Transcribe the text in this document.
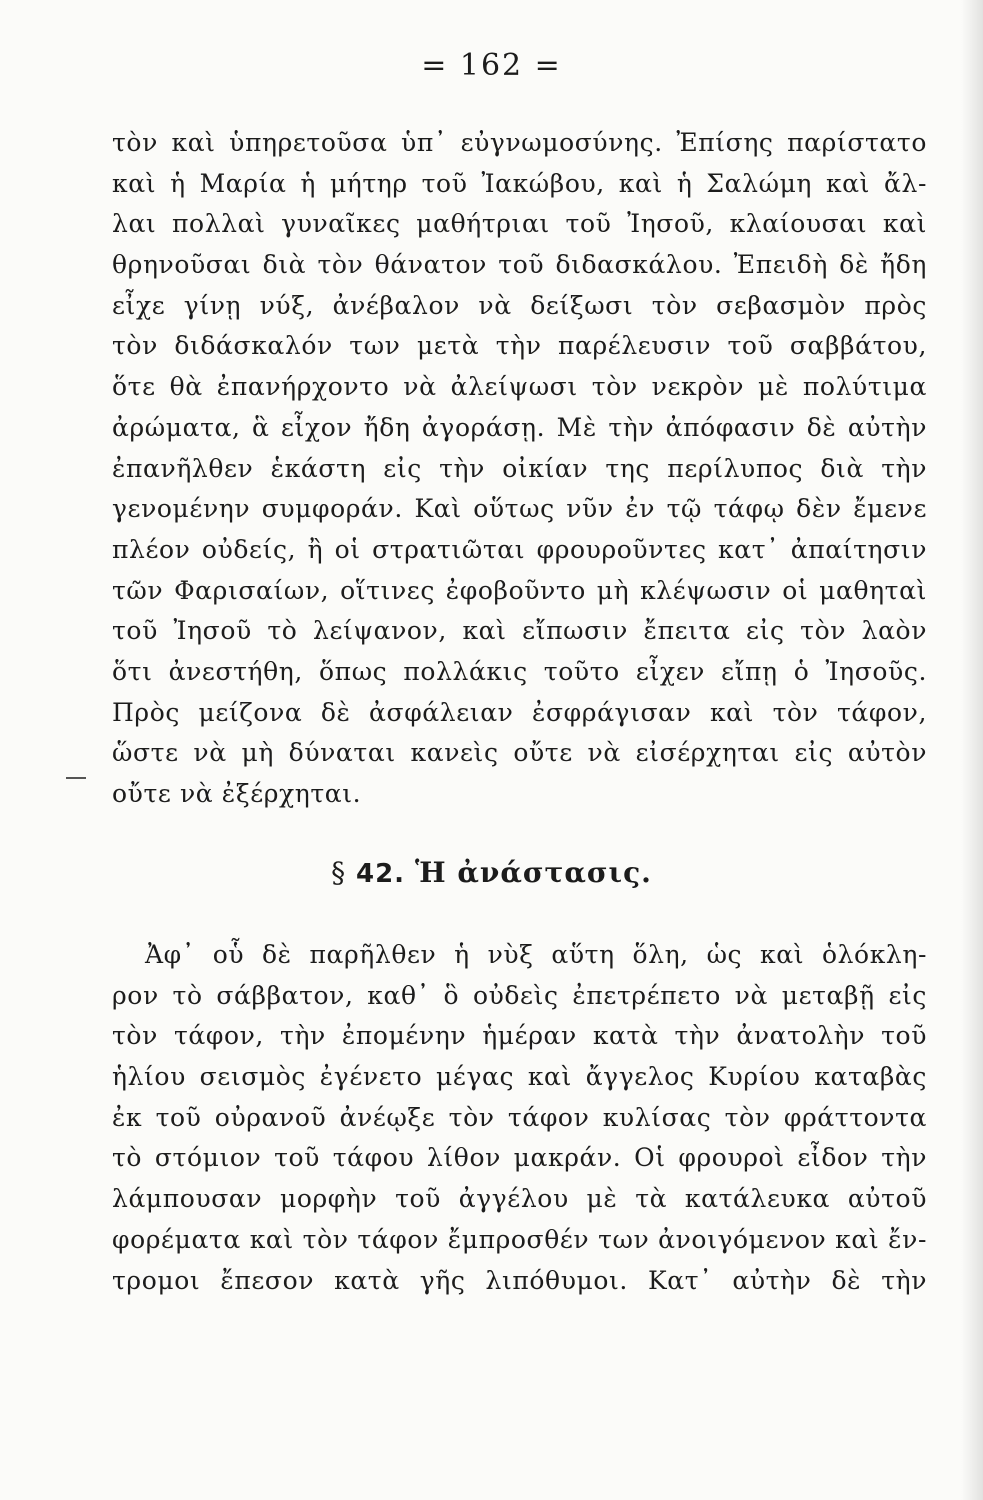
= 162 =
τὸν καὶ ὑπηρετοῦσα ὑπ᾽ εὐγνωμοσύνης. Ἐπίσης παρίστατο
καὶ ἡ Μαρία ἡ μήτηρ τοῦ Ἰακώβου, καὶ ἡ Σαλώμη καὶ ἄλ-
λαι πολλαὶ γυναῖκες μαθήτριαι τοῦ Ἰησοῦ, κλαίουσαι καὶ
θρηνοῦσαι διὰ τὸν θάνατον τοῦ διδασκάλου. Ἐπειδὴ δὲ ἤδη
εἶχε γίνῃ νύξ, ἀνέβαλον νὰ δείξωσι τὸν σεβασμὸν πρὸς
τὸν διδάσκαλόν των μετὰ τὴν παρέλευσιν τοῦ σαββάτου,
ὅτε θὰ ἐπανήρχοντο νὰ ἀλείψωσι τὸν νεκρὸν μὲ πολύτιμα
ἀρώματα, ἃ εἶχον ἤδη ἀγοράσῃ. Μὲ τὴν ἀπόφασιν δὲ αὐτὴν
ἐπανῆλθεν ἑκάστη εἰς τὴν οἰκίαν της περίλυπος διὰ τὴν
γενομένην συμφοράν. Καὶ οὕτως νῦν ἐν τῷ τάφῳ δὲν ἔμενε
πλέον οὐδείς, ἢ οἱ στρατιῶται φρουροῦντες κατ᾽ ἀπαίτησιν
τῶν Φαρισαίων, οἵτινες ἐφοβοῦντο μὴ κλέψωσιν οἱ μαθηταὶ
τοῦ Ἰησοῦ τὸ λείψανον, καὶ εἴπωσιν ἔπειτα εἰς τὸν λαὸν
ὅτι ἀνεστήθη, ὅπως πολλάκις τοῦτο εἶχεν εἴπῃ ὁ Ἰησοῦς.
Πρὸς μείζονα δὲ ἀσφάλειαν ἐσφράγισαν καὶ τὸν τάφον,
ὥστε νὰ μὴ δύναται κανεὶς οὔτε νὰ εἰσέρχηται εἰς αὐτὸν
οὔτε νὰ ἐξέρχηται.
§ 42. Ἡ ἀνάστασις.
Ἀφ᾽ οὗ δὲ παρῆλθεν ἡ νὺξ αὕτη ὅλη, ὡς καὶ ὁλόκλη-
ρον τὸ σάββατον, καθ᾽ ὃ οὐδεὶς ἐπετρέπετο νὰ μεταβῇ εἰς
τὸν τάφον, τὴν ἐπομένην ἡμέραν κατὰ τὴν ἀνατολὴν τοῦ
ἡλίου σεισμὸς ἐγένετο μέγας καὶ ἄγγελος Κυρίου καταβὰς
ἐκ τοῦ οὐρανοῦ ἀνέῳξε τὸν τάφον κυλίσας τὸν φράττοντα
τὸ στόμιον τοῦ τάφου λίθον μακράν. Οἱ φρουροὶ εἶδον τὴν
λάμπουσαν μορφὴν τοῦ ἀγγέλου μὲ τὰ κατάλευκα αὐτοῦ
φορέματα καὶ τὸν τάφον ἔμπροσθέν των ἀνοιγόμενον καὶ ἔν-
τρομοι ἔπεσον κατὰ γῆς λιπόθυμοι. Κατ᾽ αὐτὴν δὲ τὴν
